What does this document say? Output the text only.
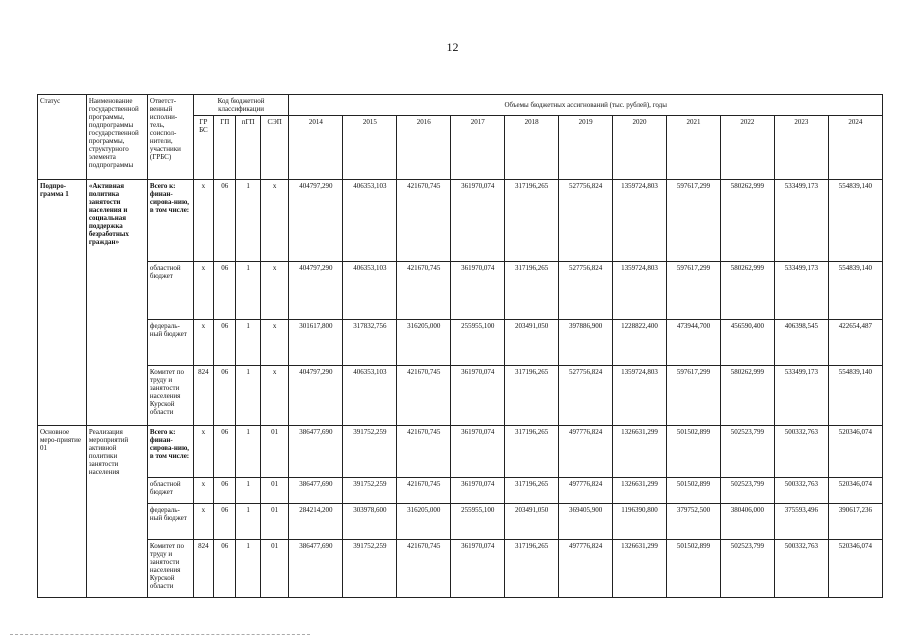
12
Статус	Наименование государственной программы, подпрограммы государственной программы, структурного элемента подпрограммы	Ответст-венный исполни-тель, соиспол-нители, участники (ГРБС)	Код бюджетной классификации				Объемы бюджетных ассигнований (тыс. рублей), годы										
			ГР БС	ГП	пГП	СЭП	2014	2015	2016	2017	2018	2019	2020	2021	2022	2023	2024
Подпро-грамма 1	«Активная политика занятости населения и социальная поддержка безработных граждан»	Всего к: финан-сирова-нию, в том числе:	х	06	1	х	404797,290	406353,103	421670,745	361970,074	317196,265	527756,824	1359724,803	597617,299	580262,999	533499,173	554839,140
		областной бюджет	х	06	1	х	404797,290	406353,103	421670,745	361970,074	317196,265	527756,824	1359724,803	597617,299	580262,999	533499,173	554839,140
		федераль-ный бюджет	х	06	1	х	301617,800	317832,756	316205,000	255955,100	203491,050	397886,900	1228822,400	473944,700	456590,400	406398,545	422654,487
		Комитет по труду и занятости населения Курской области	824	06	1	х	404797,290	406353,103	421670,745	361970,074	317196,265	527756,824	1359724,803	597617,299	580262,999	533499,173	554839,140
Основное меро-приятие 01	Реализация мероприятий активной политики занятости населения	Всего к: финан-сирова-нию, в том числе:	х	06	1	01	386477,690	391752,259	421670,745	361970,074	317196,265	497776,824	1326631,299	501502,899	502523,799	500332,763	520346,074
		областной бюджет	х	06	1	01	386477,690	391752,259	421670,745	361970,074	317196,265	497776,824	1326631,299	501502,899	502523,799	500332,763	520346,074
		федераль-ный бюджет	х	06	1	01	284214,200	303978,600	316205,000	255955,100	203491,050	369405,900	1196390,800	379752,500	380406,000	375593,496	390617,236
		Комитет по труду и занятости населения Курской области	824	06	1	01	386477,690	391752,259	421670,745	361970,074	317196,265	497776,824	1326631,299	501502,899	502523,799	500332,763	520346,074
